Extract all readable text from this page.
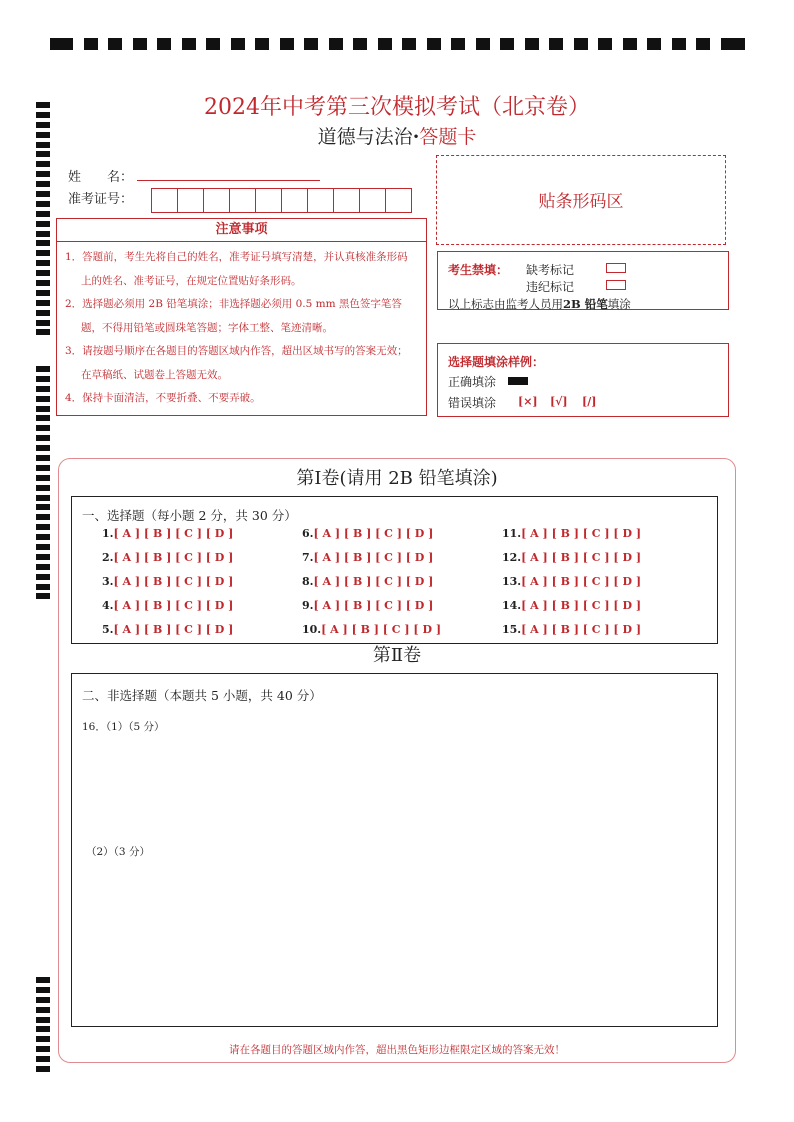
2024年中考第三次模拟考试（北京卷）
道德与法治·答题卡
姓　　名：
准考证号：	贴条形码区
注意事项

1．答题前，考生先将自己的姓名，准考证号填写清楚，并认真核准条形码上的姓名、准考证号，在规定位置贴好条形码。

2．选择题必须用 2B 铅笔填涂；非选择题必须用 0.5 mm 黑色签字笔答题，不得用铅笔或圆珠笔答题；字体工整、笔迹清晰。

3．请按题号顺序在各题目的答题区域内作答，超出区域书写的答案无效；在草稿纸、试题卷上答题无效。

4．保持卡面清洁，不要折叠、不要弄破。

考生禁填： 缺考标记
违纪标记
以上标志由监考人员用2B 铅笔填涂
选择题填涂样例：
正确填涂
错误填涂 [×] [√] [/]
第Ⅰ卷(请用 2B 铅笔填涂)
一、选择题（每小题 2 分，共 30 分）
1.[ A ] [ B ] [ C ] [ D ]
2.[ A ] [ B ] [ C ] [ D ]
3.[ A ] [ B ] [ C ] [ D ]
4.[ A ] [ B ] [ C ] [ D ]
5.[ A ] [ B ] [ C ] [ D ]
6.[ A ] [ B ] [ C ] [ D ]
7.[ A ] [ B ] [ C ] [ D ]
8.[ A ] [ B ] [ C ] [ D ]
9.[ A ] [ B ] [ C ] [ D ]
10.[ A ] [ B ] [ C ] [ D ]
11.[ A ] [ B ] [ C ] [ D ]
12.[ A ] [ B ] [ C ] [ D ]
13.[ A ] [ B ] [ C ] [ D ]
14.[ A ] [ B ] [ C ] [ D ]
15.[ A ] [ B ] [ C ] [ D ]
第Ⅱ卷
二、非选择题（本题共 5 小题，共 40 分）
16．（1）（5 分）
（2）（3 分）
请在各题目的答题区域内作答，超出黑色矩形边框限定区域的答案无效！
